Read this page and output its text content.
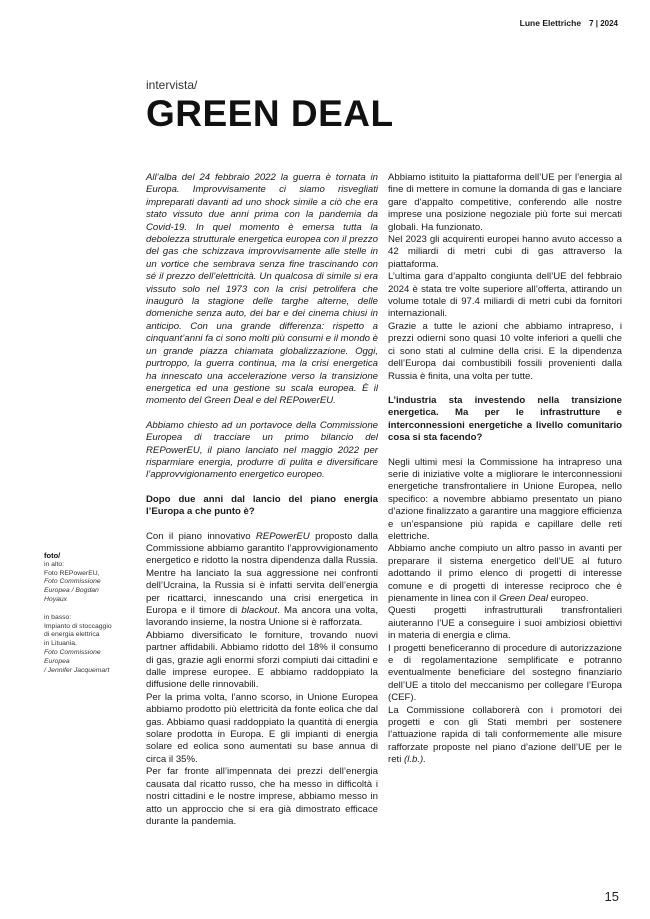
Lune Elettriche 7 | 2024
intervista/
GREEN DEAL

All’alba del 24 febbraio 2022 la guerra è tornata in Europa. Improvvisamente ci siamo risvegliati impreparati davanti ad uno shock simile a ciò che era stato vissuto due anni prima con la pandemia da Covid-19. In quel momento è emersa tutta la debolezza strutturale energetica europea con il prezzo del gas che schizzava improvvisamente alle stelle in un vortice che sembrava senza fine trascinando con sé il prezzo dell’elettricità. Un qualcosa di simile si era vissuto solo nel 1973 con la crisi petrolifera che inaugurò la stagione delle targhe alterne, delle domeniche senza auto, dei bar e dei cinema chiusi in anticipo. Con una grande differenza: rispetto a cinquant’anni fa ci sono molti più consumi e il mondo è un grande piazza chiamata globalizzazione. Oggi, purtroppo, la guerra continua, ma la crisi energetica ha innescato una accelerazione verso la transizione energetica ed una gestione su scala europea. È il momento del Green Deal e del REPowerEU.

Abbiamo chiesto ad un portavoce della Commissione Europea di tracciare un primo bilancio del REPowerEU, il piano lanciato nel maggio 2022 per risparmiare energia, produrre di pulita e diversificare l’approvvigionamento energetico europeo.

Dopo due anni dal lancio del piano energia l’Europa a che punto è?

Con il piano innovativo REPowerEU proposto dalla Commissione abbiamo garantito l’approvvigionamento energetico e ridotto la nostra dipendenza dalla Russia. Mentre ha lanciato la sua aggressione nei confronti dell’Ucraina, la Russia si è infatti servita dell’energia per ricattarci, innescando una crisi energetica in Europa e il timore di blackout. Ma ancora una volta, lavorando insieme, la nostra Unione si è rafforzata.

Abbiamo diversificato le forniture, trovando nuovi partner affidabili. Abbiamo ridotto del 18% il consumo di gas, grazie agli enormi sforzi compiuti dai cittadini e dalle imprese europee. E abbiamo raddoppiato la diffusione delle rinnovabili.

Per la prima volta, l’anno scorso, in Unione Europea abbiamo prodotto più elettricità da fonte eolica che dal gas. Abbiamo quasi raddoppiato la quantità di energia solare prodotta in Europa. E gli impianti di energia solare ed eolica sono aumentati su base annua di circa il 35%.

Per far fronte all’impennata dei prezzi dell’energia causata dal ricatto russo, che ha messo in difficoltà i nostri cittadini e le nostre imprese, abbiamo messo in atto un approccio che si era già dimostrato efficace durante la pandemia.

Abbiamo istituito la piattaforma dell’UE per l’energia al fine di mettere in comune la domanda di gas e lanciare gare d’appalto competitive, conferendo alle nostre imprese una posizione negoziale più forte sui mercati globali. Ha funzionato.

Nel 2023 gli acquirenti europei hanno avuto accesso a 42 miliardi di metri cubi di gas attraverso la piattaforma.

L’ultima gara d’appalto congiunta dell’UE del febbraio 2024 è stata tre volte superiore all’offerta, attirando un volume totale di 97.4 miliardi di metri cubi da fornitori internazionali.

Grazie a tutte le azioni che abbiamo intrapreso, i prezzi odierni sono quasi 10 volte inferiori a quelli che ci sono stati al culmine della crisi. E la dipendenza dell’Europa dai combustibili fossili provenienti dalla Russia è finita, una volta per tutte.

L’industria sta investendo nella transizione energetica. Ma per le infrastrutture e interconnessioni energetiche a livello comunitario cosa si sta facendo?

Negli ultimi mesi la Commissione ha intrapreso una serie di iniziative volte a migliorare le interconnessioni energetiche transfrontaliere in Unione Europea, nello specifico: a novembre abbiamo presentato un piano d’azione finalizzato a garantire una maggiore efficienza e un’espansione più rapida e capillare delle reti elettriche.

Abbiamo anche compiuto un altro passo in avanti per preparare il sistema energetico dell’UE al futuro adottando il primo elenco di progetti di interesse comune e di progetti di interesse reciproco che è pienamente in linea con il Green Deal europeo.

Questi progetti infrastrutturali transfrontalieri aiuteranno l’UE a conseguire i suoi ambiziosi obiettivi in materia di energia e clima.

I progetti beneficeranno di procedure di autorizzazione e di regolamentazione semplificate e potranno eventualmente beneficiare del sostegno finanziario dell’UE a titolo del meccanismo per collegare l’Europa (CEF).

La Commissione collaborerà con i promotori dei progetti e con gli Stati membri per sostenere l’attuazione rapida di tali conformemente alle misure rafforzate proposte nel piano d’azione dell’UE per le reti (l.b.).

foto/

in alto:

Foto REPowerEU,

Foto Commissione

Europea / Bogdan

Hoyaux

in basso:

Impianto di stoccaggio

di energia elettrica

in Lituania,

Foto Commissione

Europea

/ Jennifer Jacquemart

15
